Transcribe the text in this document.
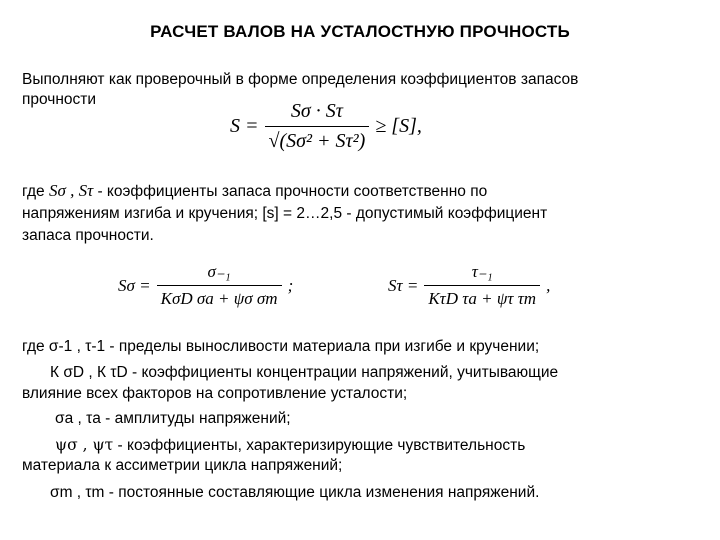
РАСЧЕТ ВАЛОВ НА УСТАЛОСТНУЮ ПРОЧНОСТЬ
Выполняют как проверочный в форме определения коэффициентов запасов
прочности
$S = \frac{S\sigma \cdot S\tau}{\text{√(Sσ² + Sτ²)}} \ge [S]$ ,
где Sσ , Sτ - коэффициенты запаса прочности соответственно по
напряжениям изгиба и кручения; [s] = 2…2,5 - допустимый коэффициент
запаса прочности.
$S\sigma = \frac{\text{σ₋₁}}{\text{KσD σa + ψσ σm}}$ ;	$S\tau = \frac{\text{τ₋₁}}{\text{KτD τa + ψτ τm}}$ ,
где σ-1 , τ-1 - пределы выносливости материала при изгибе и кручении;
К σD , К τD - коэффициенты концентрации напряжений, учитывающие
влияние всех факторов на сопротивление усталости;
σa , τa - амплитуды напряжений;
ψσ , ψτ - коэффициенты, характеризирующие чувствительность
материала к ассиметрии цикла напряжений;
σm , τm - постоянные составляющие цикла изменения напряжений.
